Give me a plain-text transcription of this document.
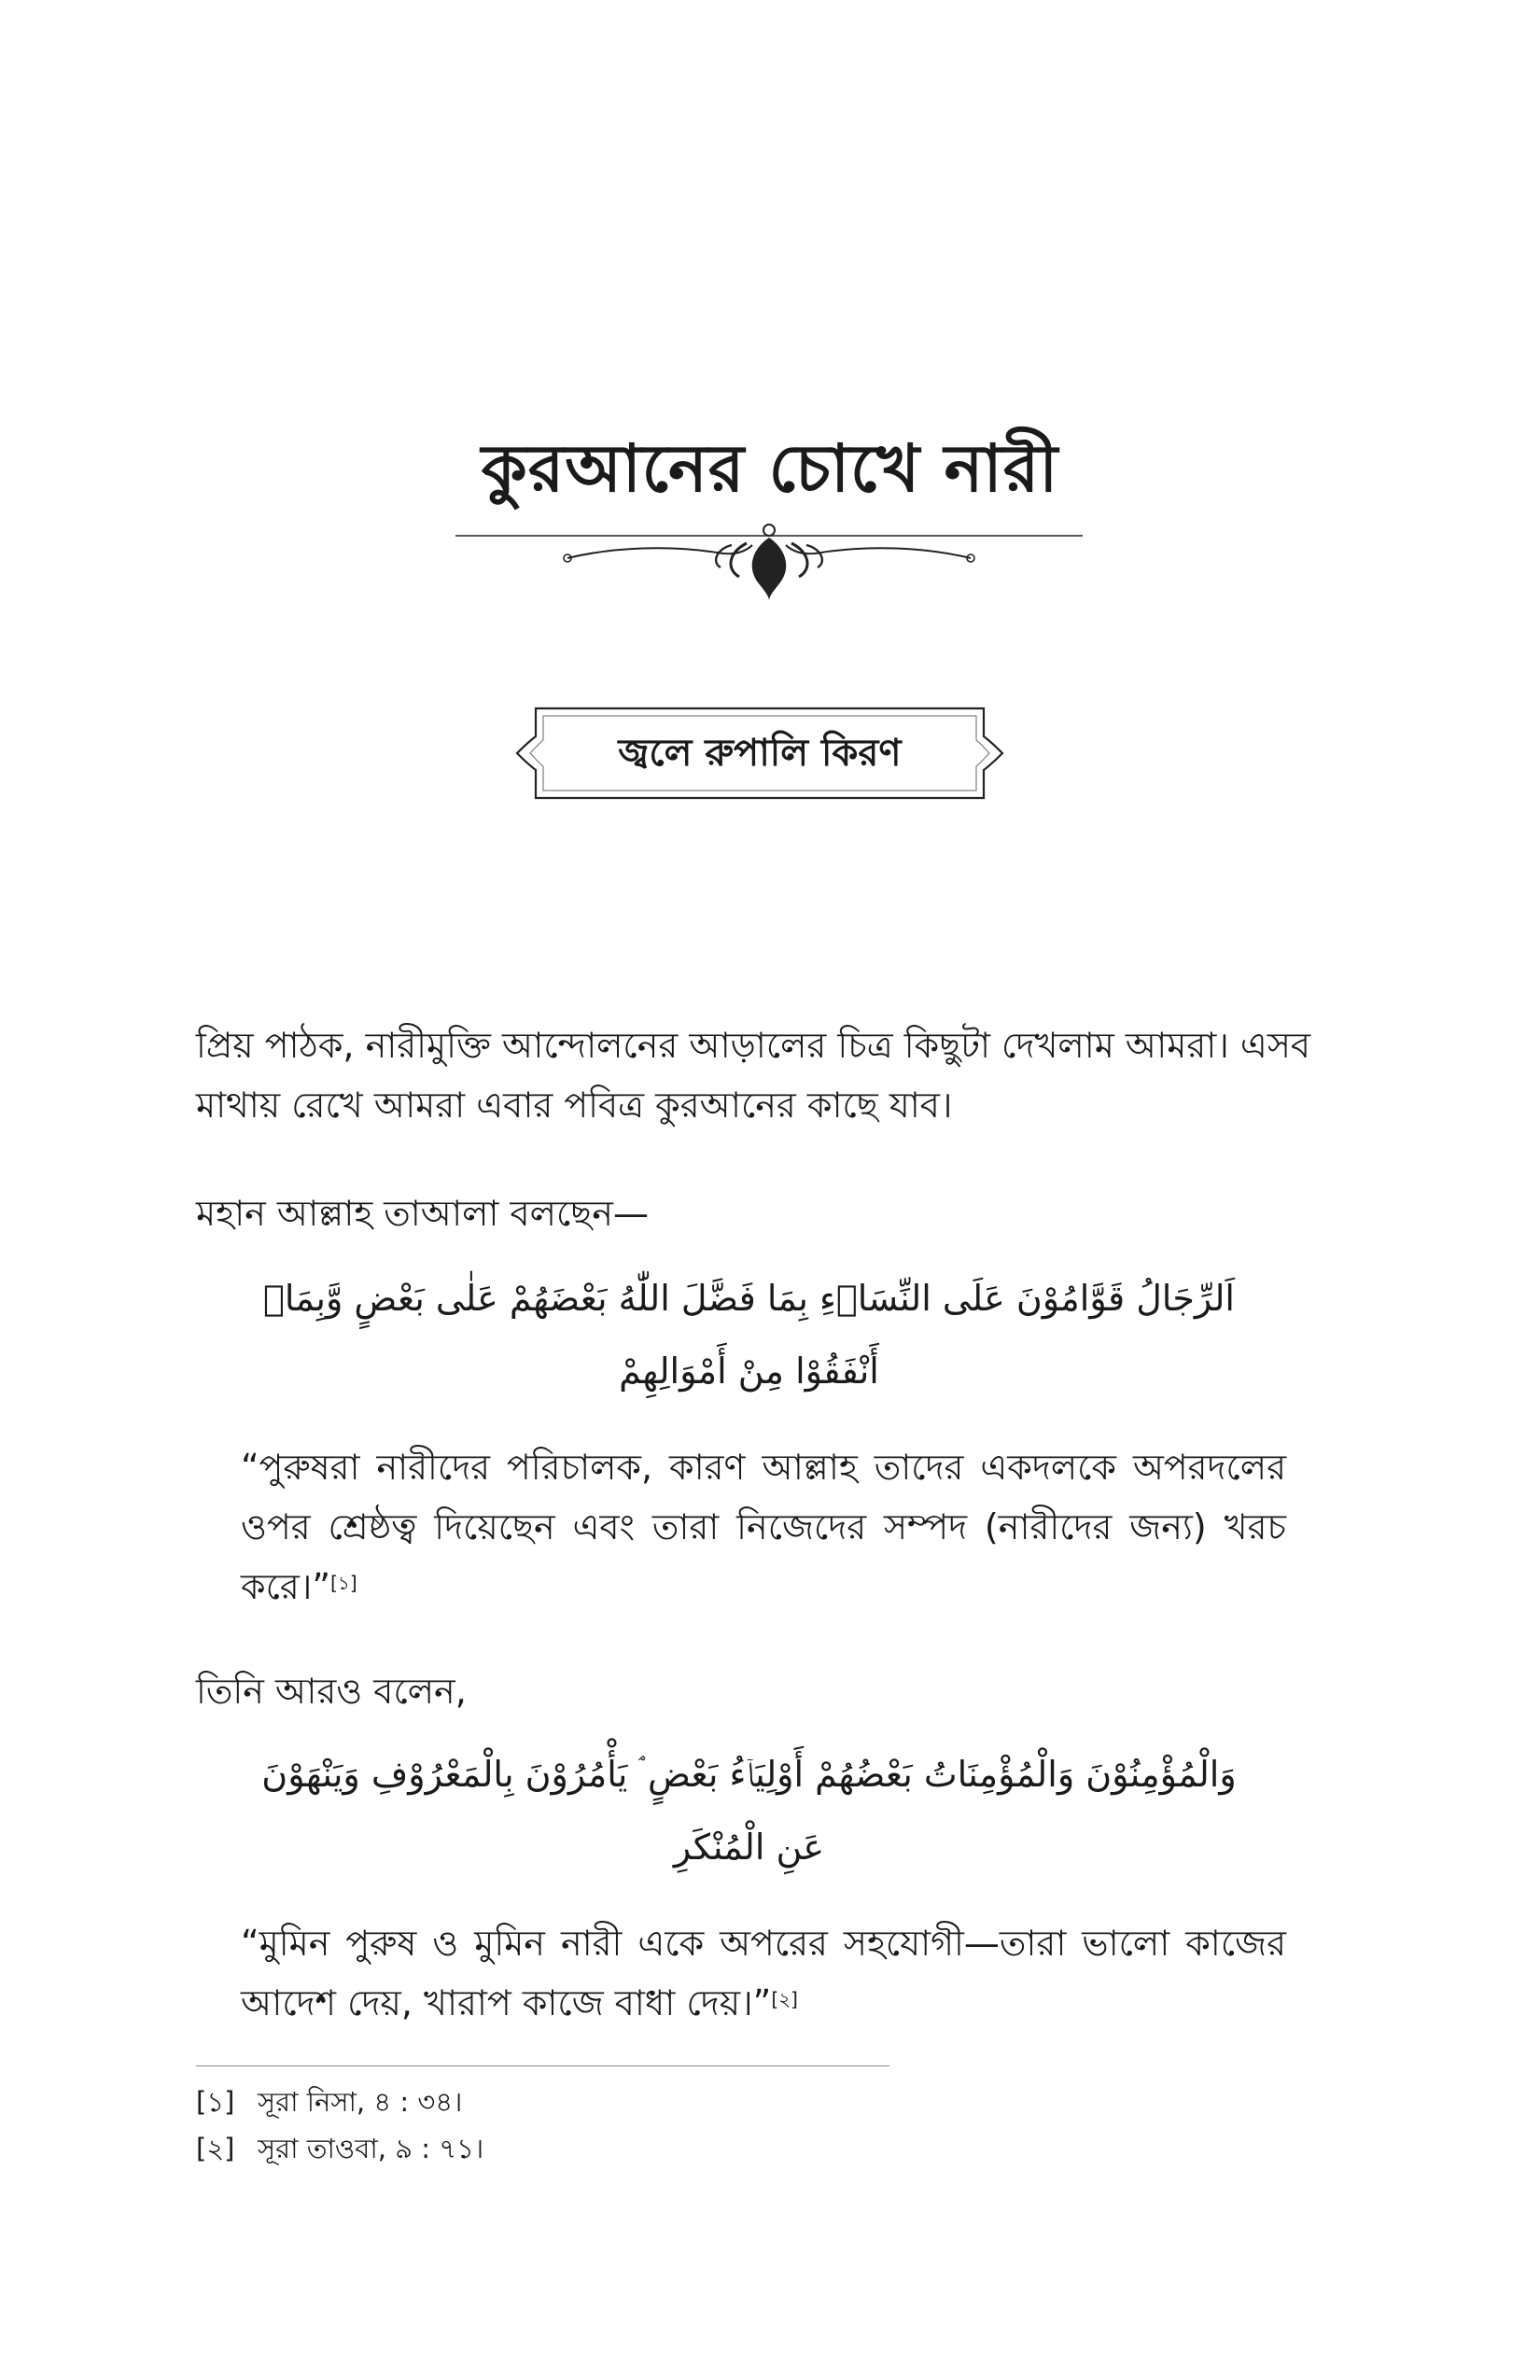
কুরআনের চোখে নারী
জ্বলে রুপালি কিরণ
প্রিয় পাঠক, নারীমুক্তি আন্দোলনের আড়ালের চিত্র কিছুটা দেখলাম আমরা। এসব মাথায় রেখে আমরা এবার পবিত্র কুরআনের কাছে যাব।
মহান আল্লাহ তাআলা বলছেন—
اَلرِّجَالُ قَوَّامُوْنَ عَلَى النِّسَاۤءِ بِمَا فَضَّلَ اللّٰهُ بَعْضَهُمْ عَلٰى بَعْضٍ وَّبِمَاۤ أَنْفَقُوْا مِنْ أَمْوَالِهِمْ
“পুরুষরা নারীদের পরিচালক, কারণ আল্লাহ তাদের একদলকে অপরদলের ওপর শ্রেষ্ঠত্ব দিয়েছেন এবং তারা নিজেদের সম্পদ (নারীদের জন্য) খরচ করে।”[১]
তিনি আরও বলেন,
وَالْمُؤْمِنُوْنَ وَالْمُؤْمِنَاتُ بَعْضُهُمْ أَوْلِيَاۤءُ بَعْضٍ ۘ يَأْمُرُوْنَ بِالْمَعْرُوْفِ وَيَنْهَوْنَ عَنِ الْمُنْكَرِ
“মুমিন পুরুষ ও মুমিন নারী একে অপরের সহযোগী—তারা ভালো কাজের আদেশ দেয়, খারাপ কাজে বাধা দেয়।”[২]
[১] সূরা নিসা, ৪ : ৩৪।
[২] সূরা তাওবা, ৯ : ৭১।
